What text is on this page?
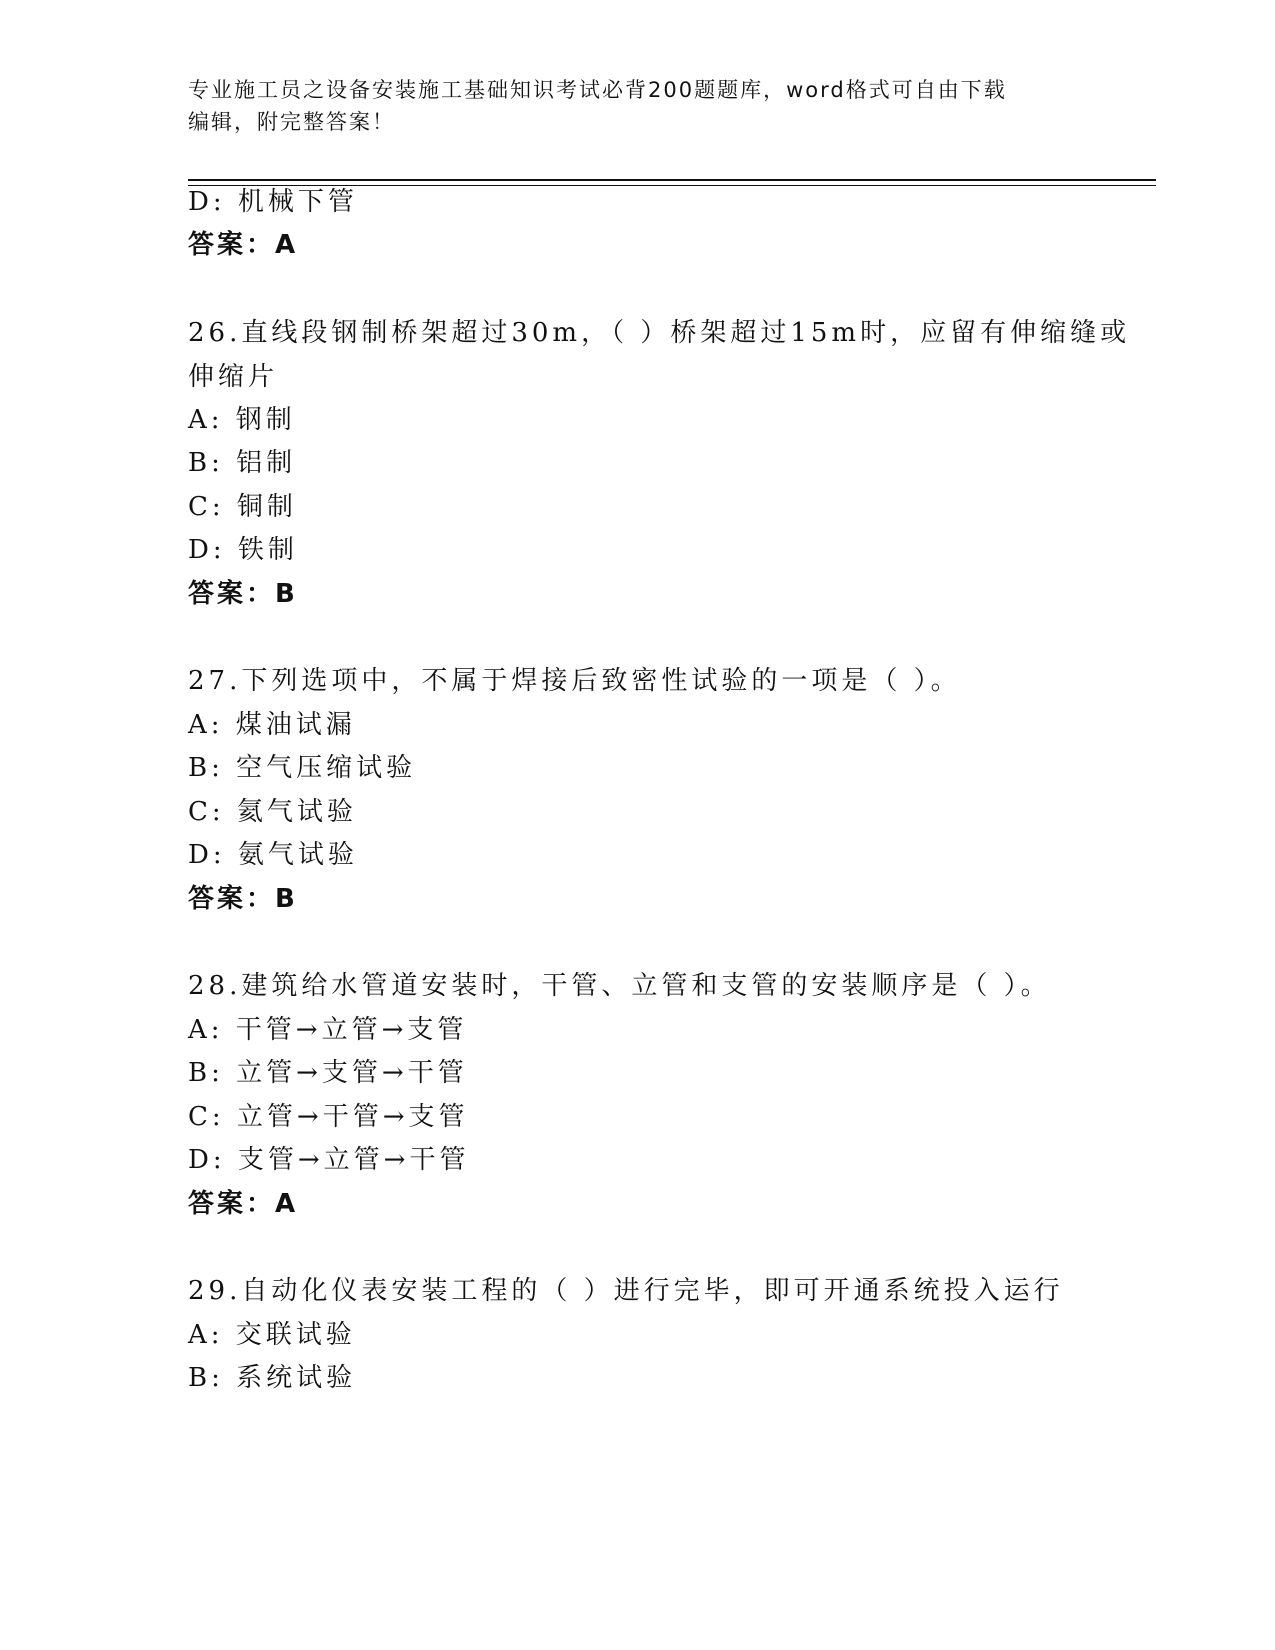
专业施工员之设备安装施工基础知识考试必背200题题库，word格式可自由下载
编辑，附完整答案！
D: 机械下管
答案：A
26.直线段钢制桥架超过30m，（ ）桥架超过15m时，应留有伸缩缝或
伸缩片
A: 钢制
B: 铝制
C: 铜制
D: 铁制
答案：B
27.下列选项中，不属于焊接后致密性试验的一项是（ ）。
A: 煤油试漏
B: 空气压缩试验
C: 氦气试验
D: 氨气试验
答案：B
28.建筑给水管道安装时，干管、立管和支管的安装顺序是（ ）。
A: 干管→立管→支管
B: 立管→支管→干管
C: 立管→干管→支管
D: 支管→立管→干管
答案：A
29.自动化仪表安装工程的（ ）进行完毕，即可开通系统投入运行
A: 交联试验
B: 系统试验
